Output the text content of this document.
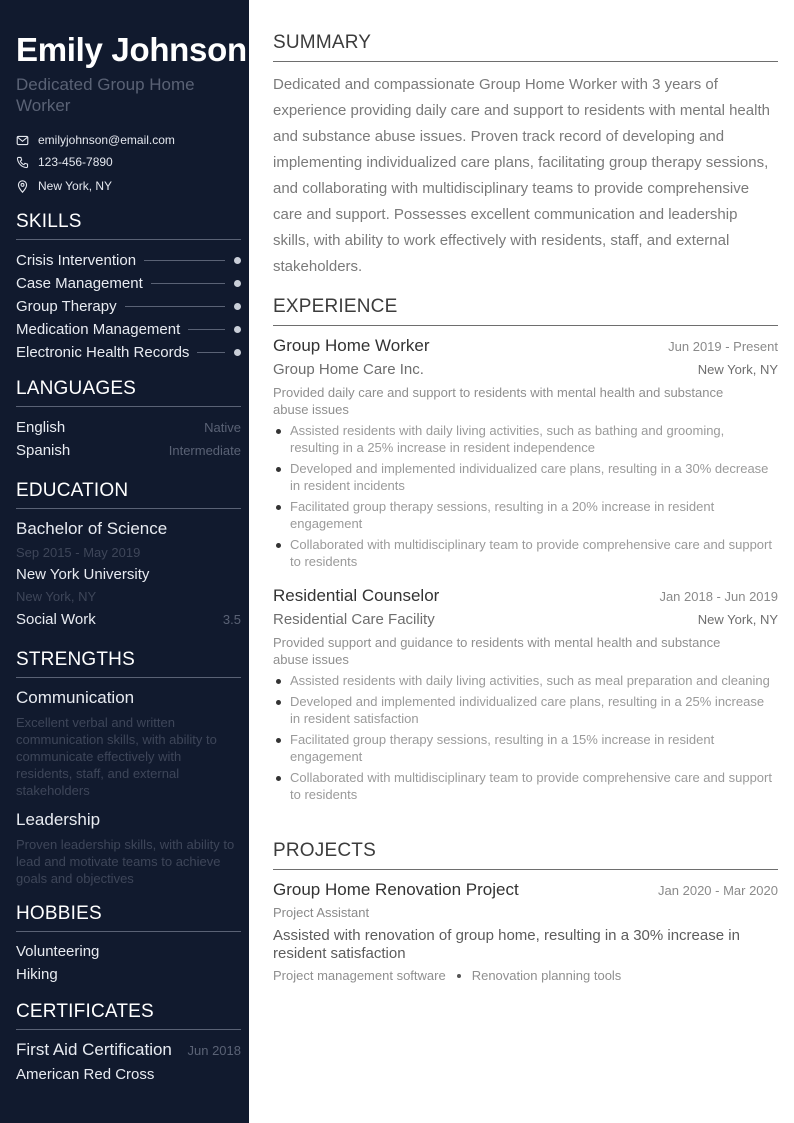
Emily Johnson
Dedicated Group Home Worker
emilyjohnson@email.com
123-456-7890
New York, NY
SKILLS
Crisis Intervention
Case Management
Group Therapy
Medication Management
Electronic Health Records
LANGUAGES
English	Native
Spanish	Intermediate
EDUCATION
Bachelor of Science
Sep 2015 - May 2019
New York University
New York, NY
Social Work	3.5
STRENGTHS
Communication
Excellent verbal and written communication skills, with ability to communicate effectively with residents, staff, and external stakeholders
Leadership
Proven leadership skills, with ability to lead and motivate teams to achieve goals and objectives
HOBBIES
Volunteering
Hiking
CERTIFICATES
First Aid Certification Jun 2018
American Red Cross
SUMMARY

Dedicated and compassionate Group Home Worker with 3 years of experience providing daily care and support to residents with mental health and substance abuse issues. Proven track record of developing and implementing individualized care plans, facilitating group therapy sessions, and collaborating with multidisciplinary teams to provide comprehensive care and support. Possesses excellent communication and leadership skills, with ability to work effectively with residents, staff, and external stakeholders.

EXPERIENCE
Group Home Worker	Jun 2019 - Present
Group Home Care Inc.	New York, NY
Provided daily care and support to residents with mental health and substance abuse issues
Assisted residents with daily living activities, such as bathing and grooming, resulting in a 25% increase in resident independence
Developed and implemented individualized care plans, resulting in a 30% decrease in resident incidents
Facilitated group therapy sessions, resulting in a 20% increase in resident engagement
Collaborated with multidisciplinary team to provide comprehensive care and support to residents
Residential Counselor	Jan 2018 - Jun 2019
Residential Care Facility	New York, NY
Provided support and guidance to residents with mental health and substance abuse issues
Assisted residents with daily living activities, such as meal preparation and cleaning
Developed and implemented individualized care plans, resulting in a 25% increase in resident satisfaction
Facilitated group therapy sessions, resulting in a 15% increase in resident engagement
Collaborated with multidisciplinary team to provide comprehensive care and support to residents
PROJECTS
Group Home Renovation Project	Jan 2020 - Mar 2020
Project Assistant
Assisted with renovation of group home, resulting in a 30% increase in resident satisfaction
Project management software Renovation planning tools
